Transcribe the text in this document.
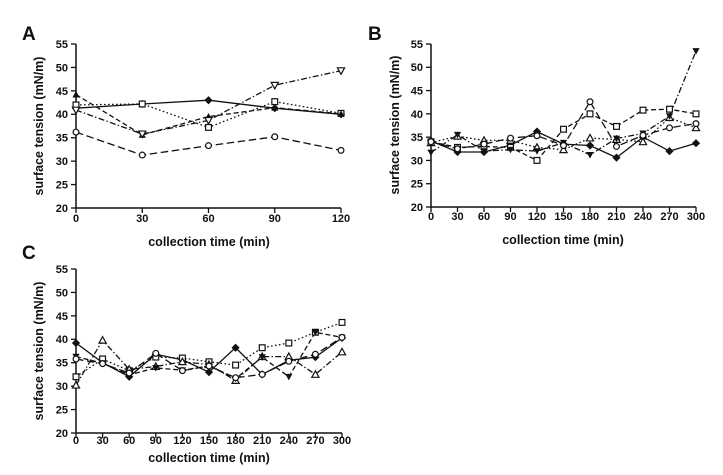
A
surface tension (mN/m)
collection time (min)
20
25
30
35
40
45
50
55
0	30	60	90	120
B
surface tension (mN/m)
collection time (min)
20
25
30
35
40
45
50
55
0 30 60 90 120 150 180 210 240 270 300
C
surface tension (mN/m)
collection time (min)
20
25
30
35
40
45
50
55
0 30 60 90 120 150 180 210 240 270 300
